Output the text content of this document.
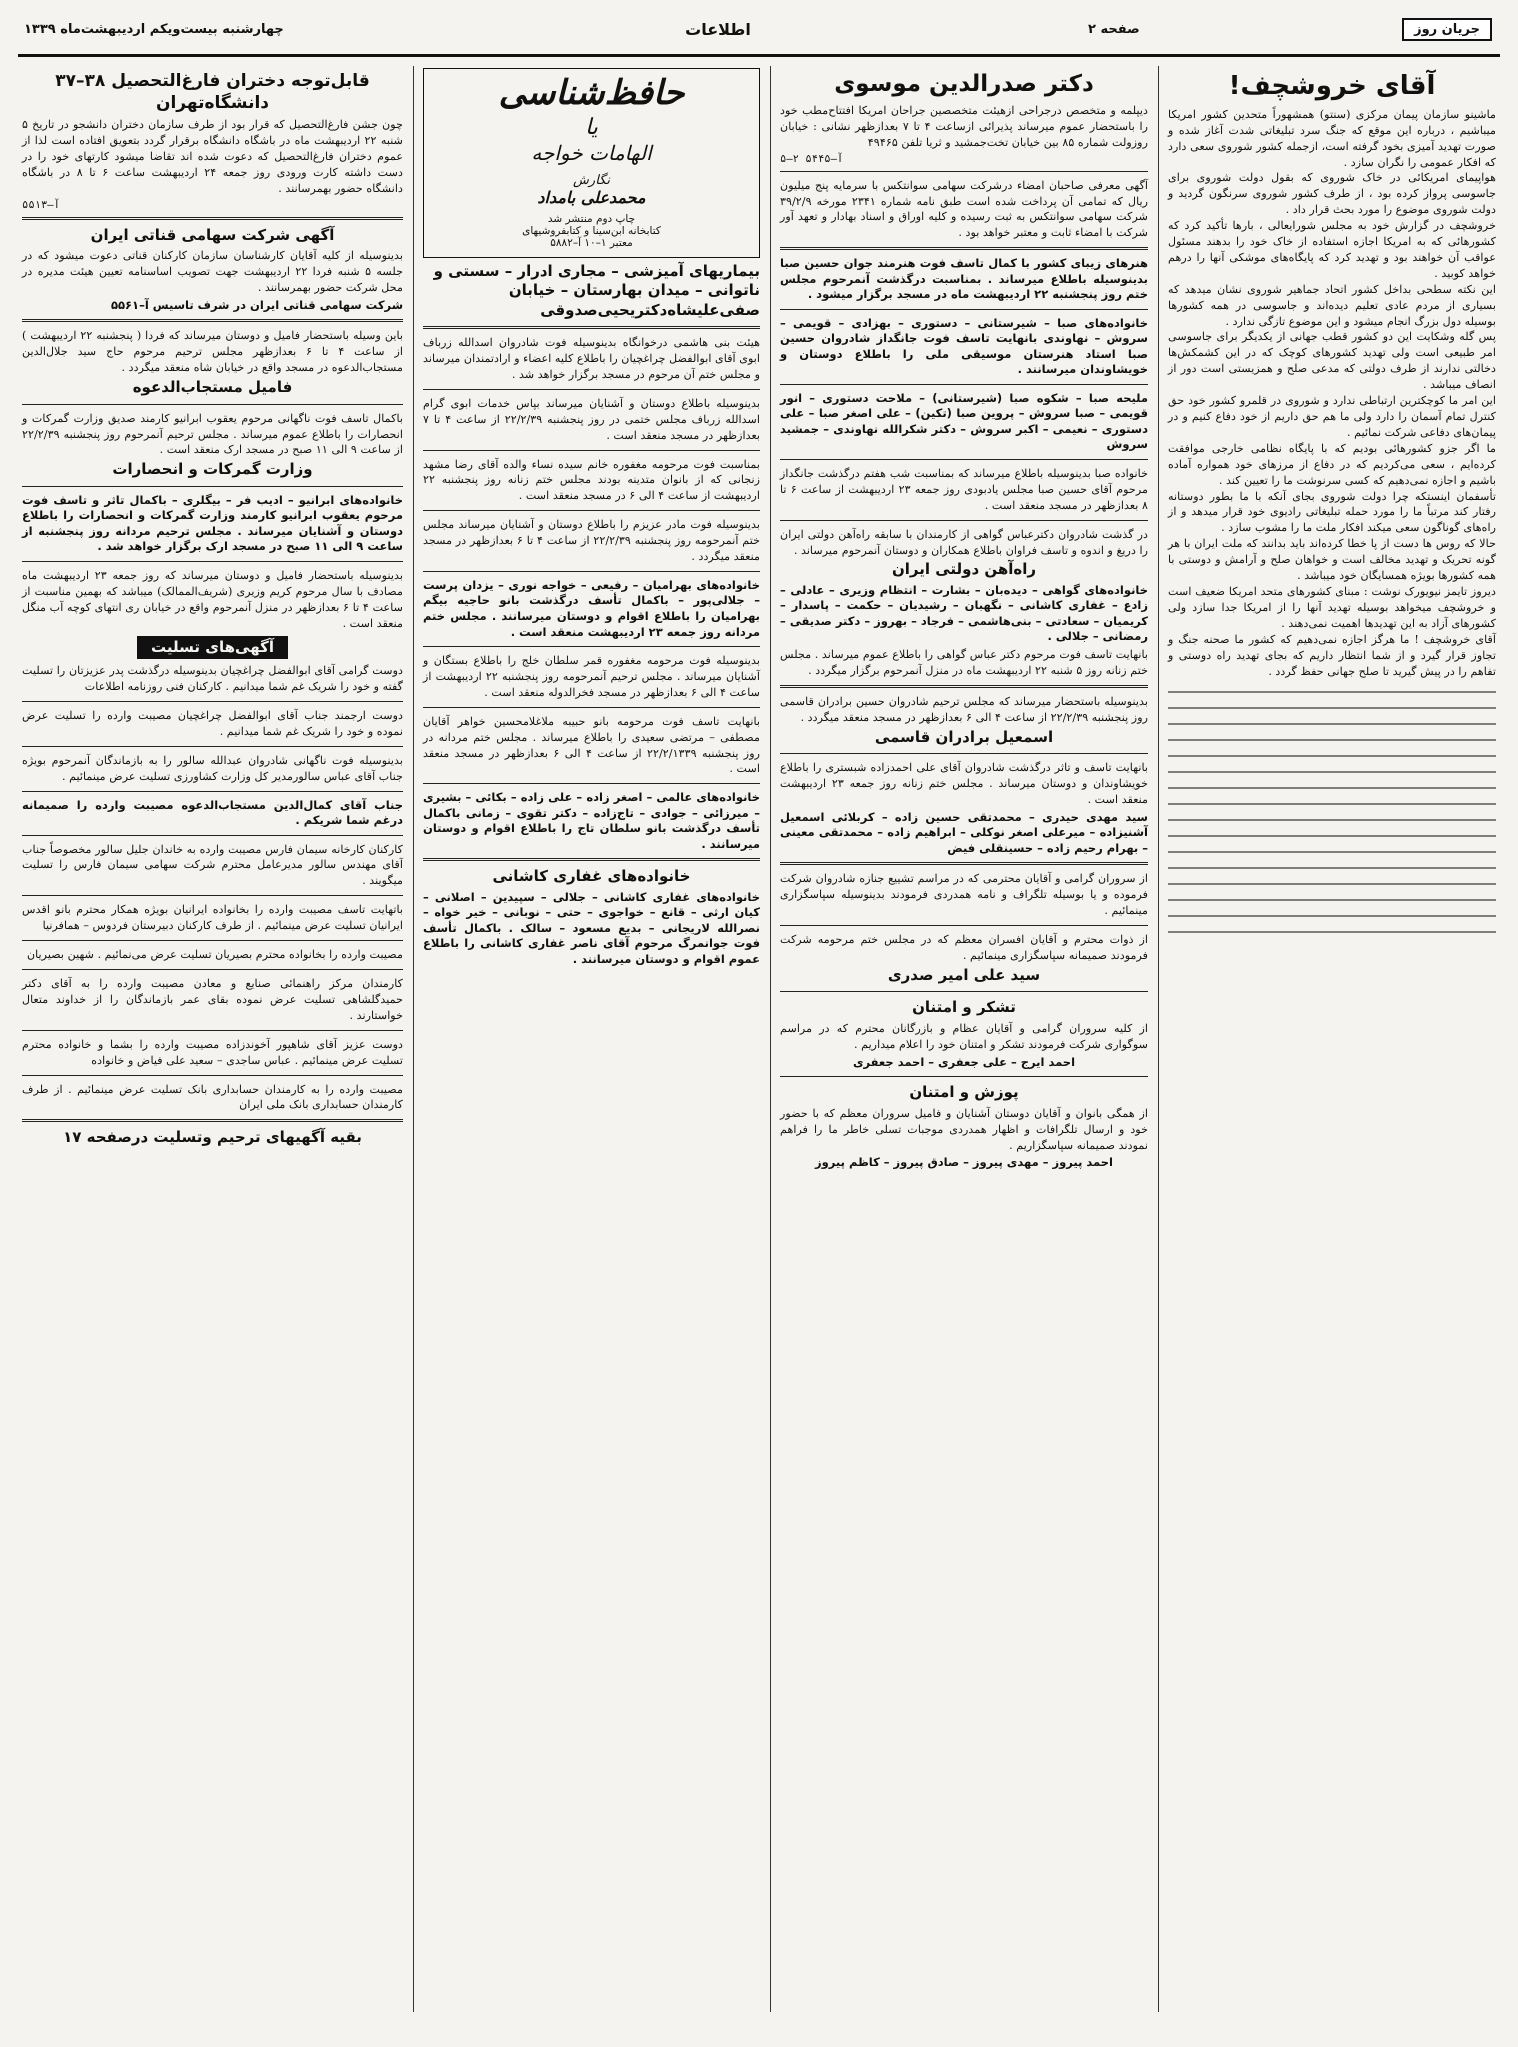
جریان روز
صفحه ۲
اطلاعات
چهارشنبه بیست‌ویکم اردیبهشت‌ماه ۱۳۳۹
آقای خروشچف!

ماشینو سازمان پیمان مرکزی (سنتو) همشهوراً متحدین کشور امریکا میباشیم ، درباره این موقع که جنگ سرد تبلیغاتی شدت آغاز شده و صورت تهدید آمیزی بخود گرفته است، ازجمله کشور شوروی سعی دارد که افکار عمومی را نگران سازد .

هواپیمای امریکائی در خاک شوروی که بقول دولت شوروی برای جاسوسی پرواز کرده بود ، از طرف کشور شوروی سرنگون گردید و دولت شوروی موضوع را مورد بحث قرار داد .

خروشچف در گزارش خود به مجلس شورایعالی ، بارها تأکید کرد که کشور‌هائی که به امریکا اجازه استفاده از خاک خود را بدهند مسئول عواقب آن خواهند بود و تهدید کرد که پایگاه‌های موشکی آنها را درهم خواهد کوبید .

این نکته سطحی بداخل کشور اتحاد جماهیر شوروی نشان میدهد که بسیاری از مردم عادی تعلیم دیده‌اند و جاسوسی در همه کشورها بوسیله دول بزرگ انجام میشود و این موضوع تازگی ندارد .

پس گله وشکایت این دو کشور قطب جهانی از یکدیگر برای جاسوسی امر طبیعی است ولی تهدید کشورهای کوچک که در این کشمکش‌ها دخالتی ندارند از طرف دولتی که مدعی صلح و همزیستی است دور از انصاف میباشد .

این امر ما کوچکترین ارتباطی ندارد و شوروی در قلمرو کشور خود حق کنترل تمام آسمان را دارد ولی ما هم حق داریم از خود دفاع کنیم و در پیمان‌های دفاعی شرکت نمائیم .

ما اگر جزو کشور‌هائی بودیم که با پایگاه نظامی خارجی موافقت کرده‌ایم ، سعی می‌کردیم که در دفاع از مرزهای خود همواره آماده باشیم و اجازه نمی‌دهیم که کسی سرنوشت ما را تعیین کند .

تأسفمان اینستکه چرا دولت شوروی بجای آنکه با ما بطور دوستانه رفتار کند مرتباً ما را مورد حمله تبلیغاتی رادیوی خود قرار میدهد و از راه‌های گوناگون سعی میکند افکار ملت ما را مشوب سازد .

حالا که روس ها دست از پا خطا کرده‌اند باید بدانند که ملت ایران با هر گونه تحریک و تهدید مخالف است و خواهان صلح و آرامش و دوستی با همه کشورها بویژه همسایگان خود میباشد .

دیروز تایمز نیویورک نوشت : مبنای کشورهای متحد امریکا ضعیف است و خروشچف میخواهد بوسیله تهدید آنها را از امریکا جدا سازد ولی کشورهای آزاد به این تهدید‌ها اهمیت نمی‌دهند .

آقای خروشچف ! ما هرگز اجازه نمی‌دهیم که کشور ما صحنه جنگ و تجاوز قرار گیرد و از شما انتظار داریم که بجای تهدید راه دوستی و تفاهم را در پیش گیرید تا صلح جهانی حفظ گردد .

دکتر صدرالدین موسوی

دیپلمه و متخصص درجراحی ازهیئت متخصصین جراحان امریکا افتتاح‌مطب خود را باستحضار عموم میرساند پذیرائی ازساعت ۴ تا ۷ بعدازظهر نشانی : خیابان روزولت شماره ۸۵ بین خیابان تخت‌جمشید و ثریا تلفن ۴۹۴۶۵

آ–۵۴۴۵ ۲–۵

آگهی معرفی صاحبان امضاء درشرکت سهامی سوانتکس با سرمایه پنج میلیون ریال که تمامی آن پرداخت شده است طبق نامه شماره ۲۳۴۱ مورخه ۳۹/۲/۹ شرکت سهامی سوانتکس به ثبت رسیده و کلیه اوراق و اسناد بهادار و تعهد آور شرکت با امضاء ثابت و معتبر خواهد بود .

هنرهای زیبای کشور با کمال تاسف فوت هنرمند جوان حسین صبا بدینوسیله باطلاع میرساند . بمناسبت درگذشت آنمرحوم مجلس ختم روز پنجشنبه ۲۲ اردیبهشت ماه در مسجد برگزار میشود .

خانواده‌های صبا – شیرستانی – دستوری – بهزادی – قویمی – سروش – نهاوندی بانهایت تاسف فوت جانگداز شادروان حسین صبا استاد هنرستان موسیقی ملی را باطلاع دوستان و خویشاوندان میرسانند .

ملیحه صبا – شکوه صبا (شیرستانی) – ملاحت دستوری – انور قویمی – صبا سروش – پروین صبا (تکین) – علی اصغر صبا – علی دستوری – نعیمی – اکبر سروش – دکتر شکرالله نهاوندی – جمشید سروش

خانواده صبا بدینوسیله باطلاع میرساند که بمناسبت شب هفتم درگذشت جانگداز مرحوم آقای حسین صبا مجلس یادبودی روز جمعه ۲۳ اردیبهشت از ساعت ۶ تا ۸ بعدازظهر در مسجد منعقد است .

در گذشت شادروان دکترعباس گواهی از کارمندان با سابقه راه‌آهن دولتی ایران را دریغ و اندوه و تاسف فراوان باطلاع همکاران و دوستان آنمرحوم میرساند .

راه‌آهن دولتی ایران

خانواده‌های گواهی – دیده‌بان – بشارت – انتظام وزیری – عادلی – زادع – غفاری کاشانی – نگهبان – رشیدیان – حکمت – پاسدار – کریمیان – سعادتی – بنی‌هاشمی – فرجاد – بهروز – دکتر صدیقی – رمضانی – جلالی .

بانهایت تاسف فوت مرحوم دکتر عباس گواهی را باطلاع عموم میرساند . مجلس ختم زنانه روز ۵ شنبه ۲۲ اردیبهشت ماه در منزل آنمرحوم برگزار میگردد .

بدینوسیله باستحضار میرساند که مجلس ترحیم شادروان حسین برادران قاسمی روز پنجشنبه ۲۲/۲/۳۹ از ساعت ۴ الی ۶ بعدازظهر در مسجد منعقد میگردد .

اسمعیل برادران قاسمی

بانهایت تاسف و تاثر درگذشت شادروان آقای علی احمدزاده شبستری را باطلاع خویشاوندان و دوستان میرساند . مجلس ختم زنانه روز جمعه ۲۳ اردیبهشت منعقد است .

سید مهدی حیدری – محمدتقی حسین زاده – کربلائی اسمعیل آشنیزاده – میرعلی اصغر نوکلی – ابراهیم زاده – محمدتقی معینی – بهرام رحیم زاده – حسینقلی فیض

از سروران گرامی و آقایان محترمی که در مراسم تشییع جنازه شادروان شرکت فرموده و یا بوسیله تلگراف و نامه همدردی فرمودند بدینوسیله سپاسگزاری مینمائیم .

از ذوات محترم و آقایان افسران معظم که در مجلس ختم مرحومه شرکت فرمودند صمیمانه سپاسگزاری مینمائیم .

سید علی امیر صدری
تشکر و امتنان

از کلیه سروران گرامی و آقایان عظام و بازرگانان محترم که در مراسم سوگواری شرکت فرمودند تشکر و امتنان خود را اعلام میداریم .

احمد ایرج – علی جعفری – احمد جعفری

پوزش و امتنان

از همگی بانوان و آقایان دوستان آشنایان و فامیل سروران معظم که با حضور خود و ارسال تلگرافات و اظهار همدردی موجبات تسلی خاطر ما را فراهم نمودند صمیمانه سپاسگزاریم .

احمد پیروز – مهدی پیروز – صادق پیروز – کاظم پیروز

حافظ‌شناسی
یا
الهامات خواجه
نگارش
محمدعلی بامداد
چاپ دوم منتشر شد
کتابخانه ابن‌سینا و کتابفروشیهای
معتبر ۱–۱۰ آ–۵۸۸۲
بیماریهای آمیزشی – مجاری ادرار – سستی و ناتوانی – میدان بهارستان – خیابان صفی‌علیشاه‌دکتریحیی‌صدوقی

هیئت بنی هاشمی درخوانگاه بدینوسیله فوت شادروان اسدالله زرباف ابوی آقای ابوالفضل چراغچیان را باطلاع کلیه اعضاء و ارادتمندان میرساند و مجلس ختم آن مرحوم در مسجد برگزار خواهد شد .

بدینوسیله باطلاع دوستان و آشنایان میرساند بپاس خدمات ابوی گرام اسدالله زرباف مجلس ختمی در روز پنجشنبه ۲۲/۲/۳۹ از ساعت ۴ تا ۷ بعدازظهر در مسجد منعقد است .

بمناسبت فوت مرحومه مغفوره خانم سیده نساء والده آقای رضا مشهد زنجانی که از بانوان متدینه بودند مجلس ختم زنانه روز پنجشنبه ۲۲ اردیبهشت از ساعت ۴ الی ۶ در مسجد منعقد است .

بدینوسیله فوت مادر عزیزم را باطلاع دوستان و آشنایان میرساند مجلس ختم آنمرحومه روز پنجشنبه ۲۲/۲/۳۹ از ساعت ۴ تا ۶ بعدازظهر در مسجد منعقد میگردد .

خانواده‌های بهرامیان – رفیعی – خواجه نوری – یزدان پرست – جلالی‌پور – باکمال تأسف درگذشت بانو حاجیه بیگم بهرامیان را باطلاع اقوام و دوستان میرسانند . مجلس ختم مردانه روز جمعه ۲۳ اردیبهشت منعقد است .

بدینوسیله فوت مرحومه مغفوره قمر سلطان خلج را باطلاع بستگان و آشنایان میرساند . مجلس ترحیم آنمرحومه روز پنجشنبه ۲۲ اردیبهشت از ساعت ۴ الی ۶ بعدازظهر در مسجد فخرالدوله منعقد است .

بانهایت تاسف فوت مرحومه بانو حبیبه ملاغلامحسین خواهر آقایان مصطفی – مرتضی سعیدی را باطلاع میرساند . مجلس ختم مردانه در روز پنجشنبه ۲۲/۲/۱۳۳۹ از ساعت ۴ الی ۶ بعدازظهر در مسجد منعقد است .

خانواده‌های عالمی – اصغر زاده – علی زاده – بکائی – بشیری – میرزائی – جوادی – تاج‌زاده – دکتر تقوی – زمانی باکمال تأسف درگذشت بانو سلطان تاج را باطلاع اقوام و دوستان میرسانند .

خانواده‌های غفاری کاشانی

خانواده‌های غفاری کاشانی – جلالی – سپیدین – اصلانی – کیان ارثی – قانع – خواجوی – حتی – نوبانی – خیر خواه – نصرالله لاریجانی – بدیع مسعود – سالک . باکمال تأسف فوت جوانمرگ مرحوم آقای ناصر غفاری کاشانی را باطلاع عموم اقوام و دوستان میرسانند .

قابل‌توجه دختران فارغ‌التحصیل ۳۸–۳۷ دانشگاه‌تهران

چون جشن فارغ‌التحصیل که قرار بود از طرف سازمان دختران دانشجو در تاریخ ۵ شنبه ۲۲ اردیبهشت ماه در باشگاه دانشگاه برقرار گردد بتعویق افتاده است لذا از عموم دختران فارغ‌التحصیل که دعوت شده اند تقاضا میشود کارتهای خود را در دست داشته کارت ورودی روز جمعه ۲۴ اردیبهشت ساعت ۶ تا ۸ در باشگاه دانشگاه حضور بهمرسانند .

آ–۵۵۱۳
آگهی شرکت سهامی قناتی ایران

بدینوسیله از کلیه آقایان کارشناسان سازمان کارکنان قناتی دعوت میشود که در جلسه ۵ شنبه فردا ۲۲ اردیبهشت جهت تصویب اساسنامه تعیین هیئت مدیره در محل شرکت حضور بهمرسانند .

شرکت سهامی قناتی ایران در شرف تاسیس آ–۵۵۶۱

باین وسیله باستحضار فامیل و دوستان میرساند که فردا ( پنجشنبه ۲۲ اردیبهشت ) از ساعت ۴ تا ۶ بعدازظهر مجلس ترحیم مرحوم حاج سید جلال‌الدین مستجاب‌الدعوه در مسجد واقع در خیابان شاه منعقد میگردد .

فامیل مستجاب‌الدعوه

باکمال تاسف فوت ناگهانی مرحوم یعقوب ابرانیو کارمند صدیق وزارت گمرکات و انحصارات را باطلاع عموم میرساند . مجلس ترحیم آنمرحوم روز پنجشنبه ۲۲/۲/۳۹ از ساعت ۹ الی ۱۱ صبح در مسجد ارک منعقد است .

وزارت گمرکات و انحصارات

خانواده‌های ابرانیو – ادیب فر – بیگلری – باکمال تاثر و تاسف فوت مرحوم یعقوب ابرانیو کارمند وزارت گمرکات و انحصارات را باطلاع دوستان و آشنایان میرساند . مجلس ترحیم مردانه روز پنجشنبه از ساعت ۹ الی ۱۱ صبح در مسجد ارک برگزار خواهد شد .

بدینوسیله باستحضار فامیل و دوستان میرساند که روز جمعه ۲۳ اردیبهشت ماه مصادف با سال مرحوم کریم وزیری (شریف‌الممالک) میباشد که بهمین مناسبت از ساعت ۴ تا ۶ بعدازظهر در منزل آنمرحوم واقع در خیابان ری انتهای کوچه آب منگل منعقد است .

آگهی‌های تسلیت

دوست گرامی آقای ابوالفضل چراغچیان بدینوسیله درگذشت پدر عزیزتان را تسلیت گفته و خود را شریک غم شما میدانیم . کارکنان فنی روزنامه اطلاعات

دوست ارجمند جناب آقای ابوالفضل چراغچیان مصیبت وارده را تسلیت عرض نموده و خود را شریک غم شما میدانیم .

بدینوسیله فوت ناگهانی شادروان عبدالله سالور را به بازماندگان آنمرحوم بویژه جناب آقای عباس سالورمدیر کل وزارت کشاورزی تسلیت عرض مینمائیم .

جناب آقای کمال‌الدین مستجاب‌الدعوه مصیبت وارده را صمیمانه درغم شما شریکم .

کارکنان کارخانه سیمان فارس مصیبت وارده به خاندان جلیل سالور مخصوصاً جناب آقای مهندس سالور مدیرعامل محترم شرکت سهامی سیمان فارس را تسلیت میگویند .

باتهایت تاسف مصیبت وارده را بخانواده ایرانیان بویژه همکار محترم بانو اقدس ایرانیان تسلیت عرض مینمائیم . از طرف کارکنان دبیرستان فردوس – همافرنیا

مصیبت وارده را بخانواده محترم بصیریان تسلیت عرض می‌نمائیم . شهین بصیریان

کارمندان مرکز راهنمائی صنایع و معادن مصیبت وارده را به آقای دکتر حمیدگلشاهی تسلیت عرض نموده بقای عمر بازماندگان را از خداوند متعال خواستارند .

دوست عزیز آقای شاهپور آخوندزاده مصیبت وارده را بشما و خانواده محترم تسلیت عرض مینمائیم . عباس ساجدی – سعید علی فیاض و خانواده

مصیبت وارده را به کارمندان حسابداری بانک تسلیت عرض مینمائیم . از طرف کارمندان حسابداری بانک ملی ایران

بقیه آگهیهای ترحیم وتسلیت درصفحه ۱۷
